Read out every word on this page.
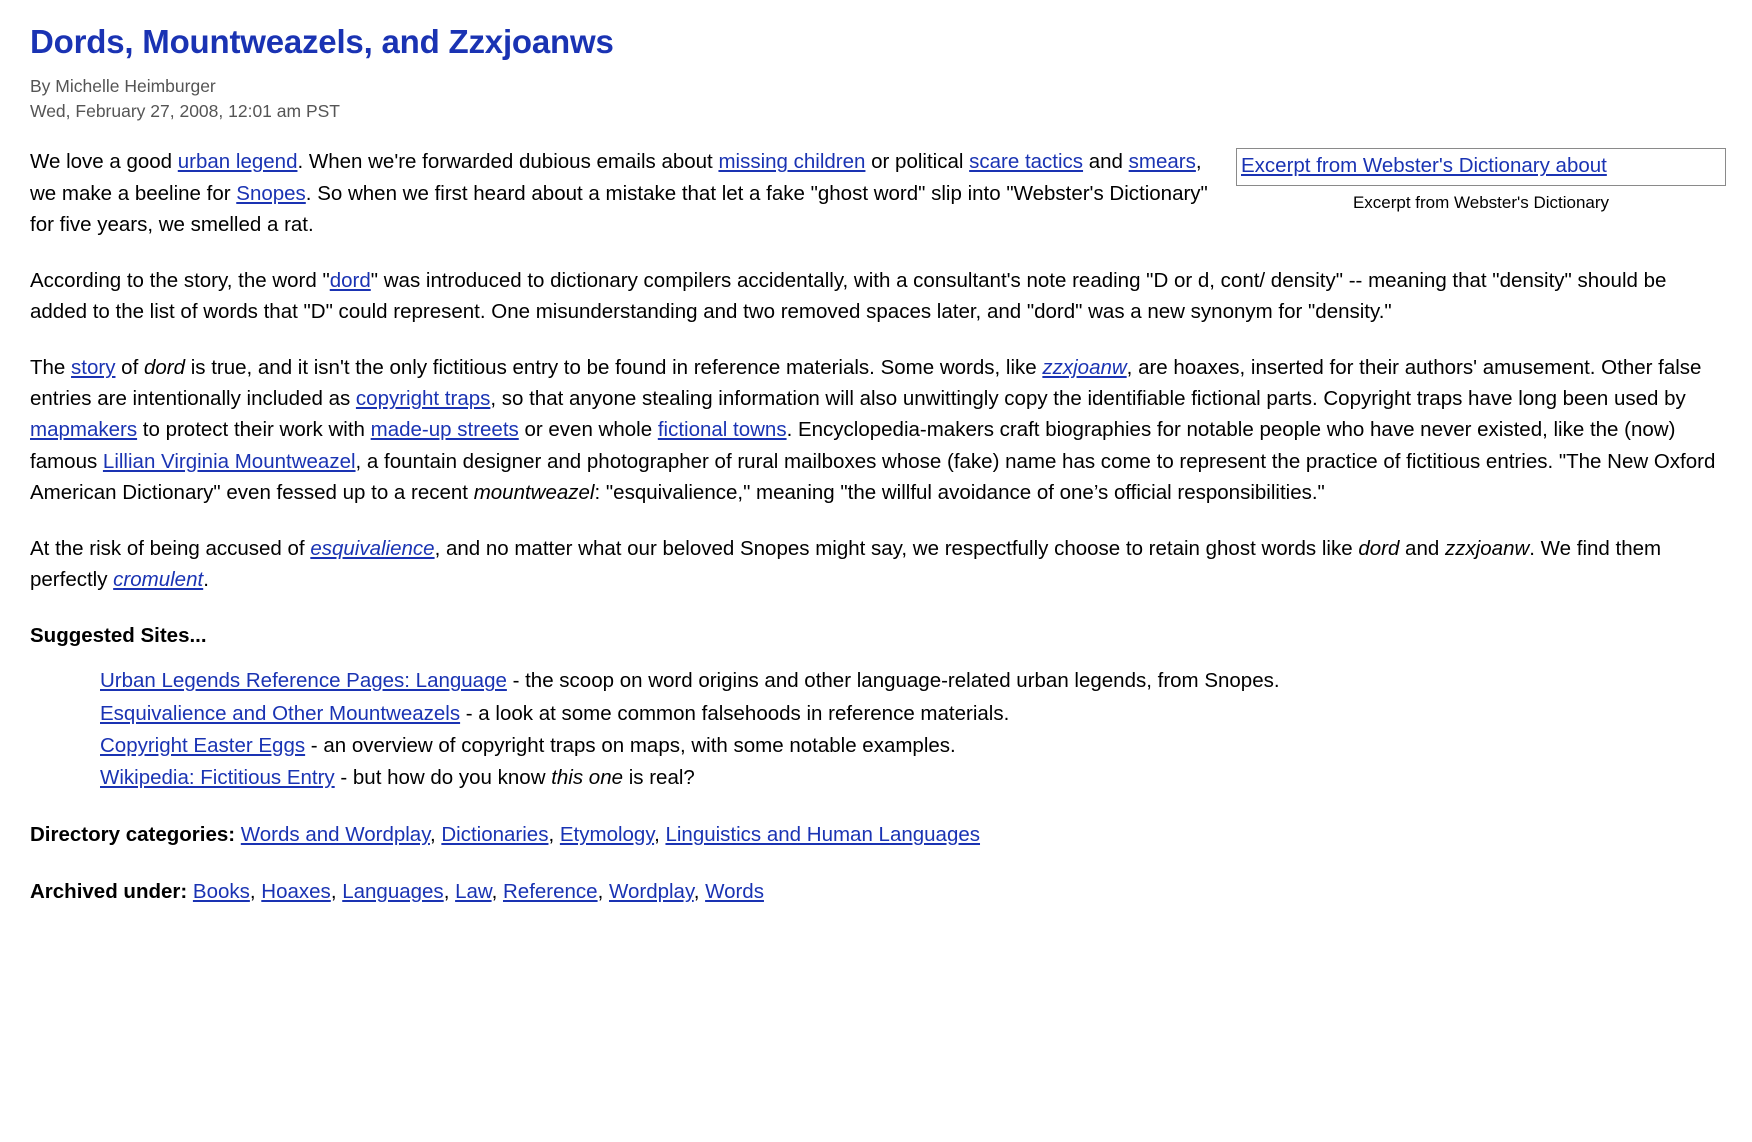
Dords, Mountweazels, and Zzxjoanws
By Michelle Heimburger
Wed, February 27, 2008, 12:01 am PST
Excerpt from Webster's Dictionary about
Excerpt from Webster's Dictionary

We love a good urban legend. When we're forwarded dubious emails about missing children or political scare tactics and smears, we make a beeline for Snopes. So when we first heard about a mistake that let a fake "ghost word" slip into "Webster's Dictionary" for five years, we smelled a rat.

According to the story, the word "dord" was introduced to dictionary compilers accidentally, with a consultant's note reading "D or d, cont/ density" -- meaning that "density" should be added to the list of words that "D" could represent. One misunderstanding and two removed spaces later, and "dord" was a new synonym for "density."

The story of dord is true, and it isn't the only fictitious entry to be found in reference materials. Some words, like zzxjoanw, are hoaxes, inserted for their authors' amusement. Other false entries are intentionally included as copyright traps, so that anyone stealing information will also unwittingly copy the identifiable fictional parts. Copyright traps have long been used by mapmakers to protect their work with made-up streets or even whole fictional towns. Encyclopedia-makers craft biographies for notable people who have never existed, like the (now) famous Lillian Virginia Mountweazel, a fountain designer and photographer of rural mailboxes whose (fake) name has come to represent the practice of fictitious entries. "The New Oxford American Dictionary" even fessed up to a recent mountweazel: "esquivalience," meaning "the willful avoidance of one’s official responsibilities."

At the risk of being accused of esquivalience, and no matter what our beloved Snopes might say, we respectfully choose to retain ghost words like dord and zzxjoanw. We find them perfectly cromulent.

Suggested Sites...
Urban Legends Reference Pages: Language - the scoop on word origins and other language-related urban legends, from Snopes.
Esquivalience and Other Mountweazels - a look at some common falsehoods in reference materials.
Copyright Easter Eggs - an overview of copyright traps on maps, with some notable examples.
Wikipedia: Fictitious Entry - but how do you know this one is real?
Directory categories: Words and Wordplay, Dictionaries, Etymology, Linguistics and Human Languages
Archived under: Books, Hoaxes, Languages, Law, Reference, Wordplay, Words
